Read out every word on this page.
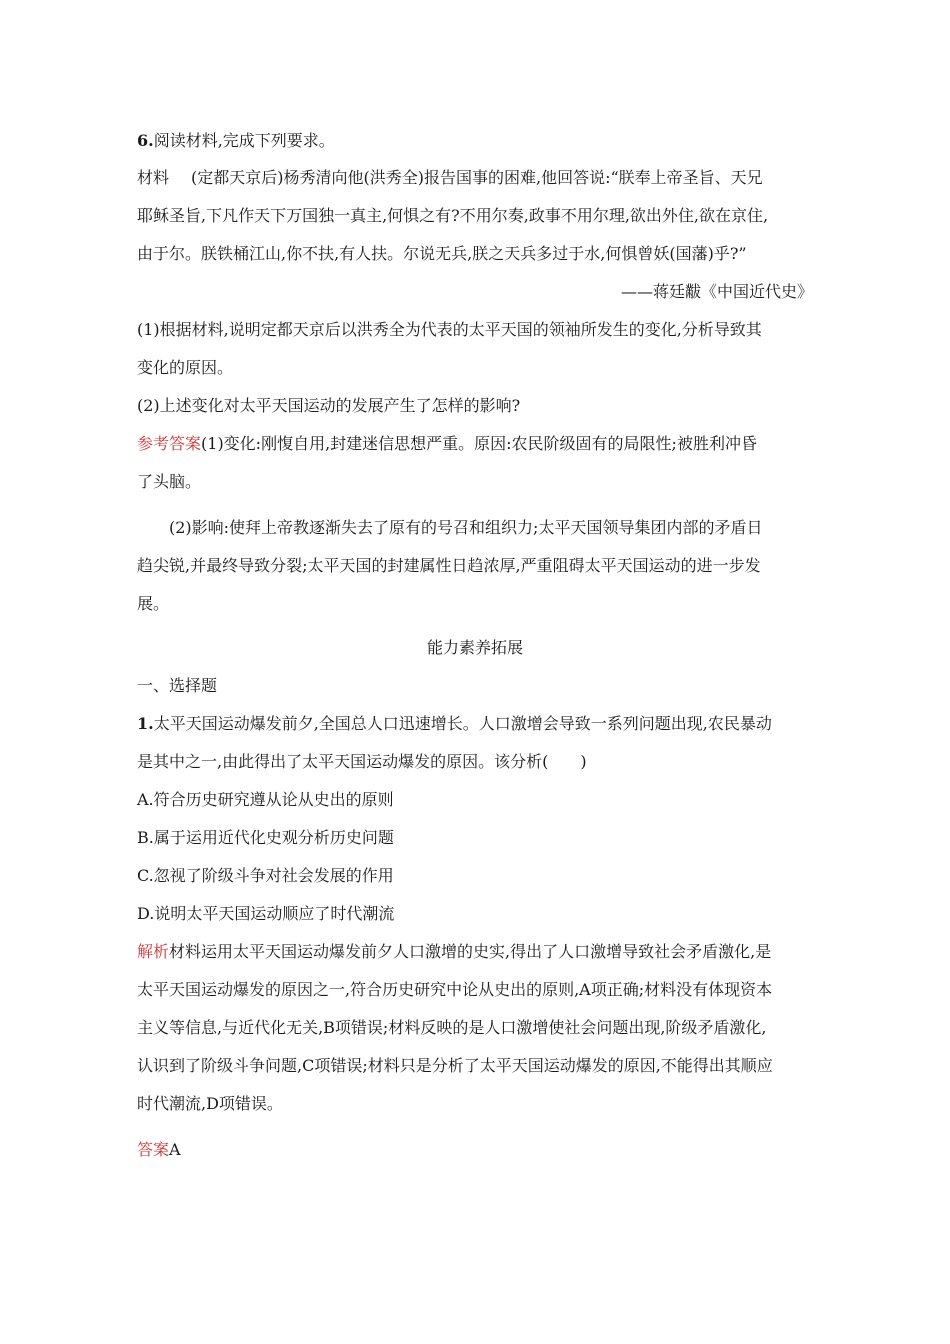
6.阅读材料,完成下列要求。
材料 (定都天京后)杨秀清向他(洪秀全)报告国事的困难,他回答说:“朕奉上帝圣旨、天兄
耶稣圣旨,下凡作天下万国独一真主,何惧之有?不用尔奏,政事不用尔理,欲出外住,欲在京住,
由于尔。朕铁桶江山,你不扶,有人扶。尔说无兵,朕之天兵多过于水,何惧曾妖(国藩)乎?”
——蒋廷黻《中国近代史》
(1)根据材料,说明定都天京后以洪秀全为代表的太平天国的领袖所发生的变化,分析导致其
变化的原因。
(2)上述变化对太平天国运动的发展产生了怎样的影响?
参考答案(1)变化:刚愎自用,封建迷信思想严重。原因:农民阶级固有的局限性;被胜利冲昏
了头脑。
(2)影响:使拜上帝教逐渐失去了原有的号召和组织力;太平天国领导集团内部的矛盾日
趋尖锐,并最终导致分裂;太平天国的封建属性日趋浓厚,严重阻碍太平天国运动的进一步发
展。
能力素养拓展
一、选择题
1.太平天国运动爆发前夕,全国总人口迅速增长。人口激增会导致一系列问题出现,农民暴动
是其中之一,由此得出了太平天国运动爆发的原因。该分析(　　)
A.符合历史研究遵从论从史出的原则
B.属于运用近代化史观分析历史问题
C.忽视了阶级斗争对社会发展的作用
D.说明太平天国运动顺应了时代潮流
解析材料运用太平天国运动爆发前夕人口激增的史实,得出了人口激增导致社会矛盾激化,是
太平天国运动爆发的原因之一,符合历史研究中论从史出的原则,A项正确;材料没有体现资本
主义等信息,与近代化无关,B项错误;材料反映的是人口激增使社会问题出现,阶级矛盾激化,
认识到了阶级斗争问题,C项错误;材料只是分析了太平天国运动爆发的原因,不能得出其顺应
时代潮流,D项错误。
答案A
